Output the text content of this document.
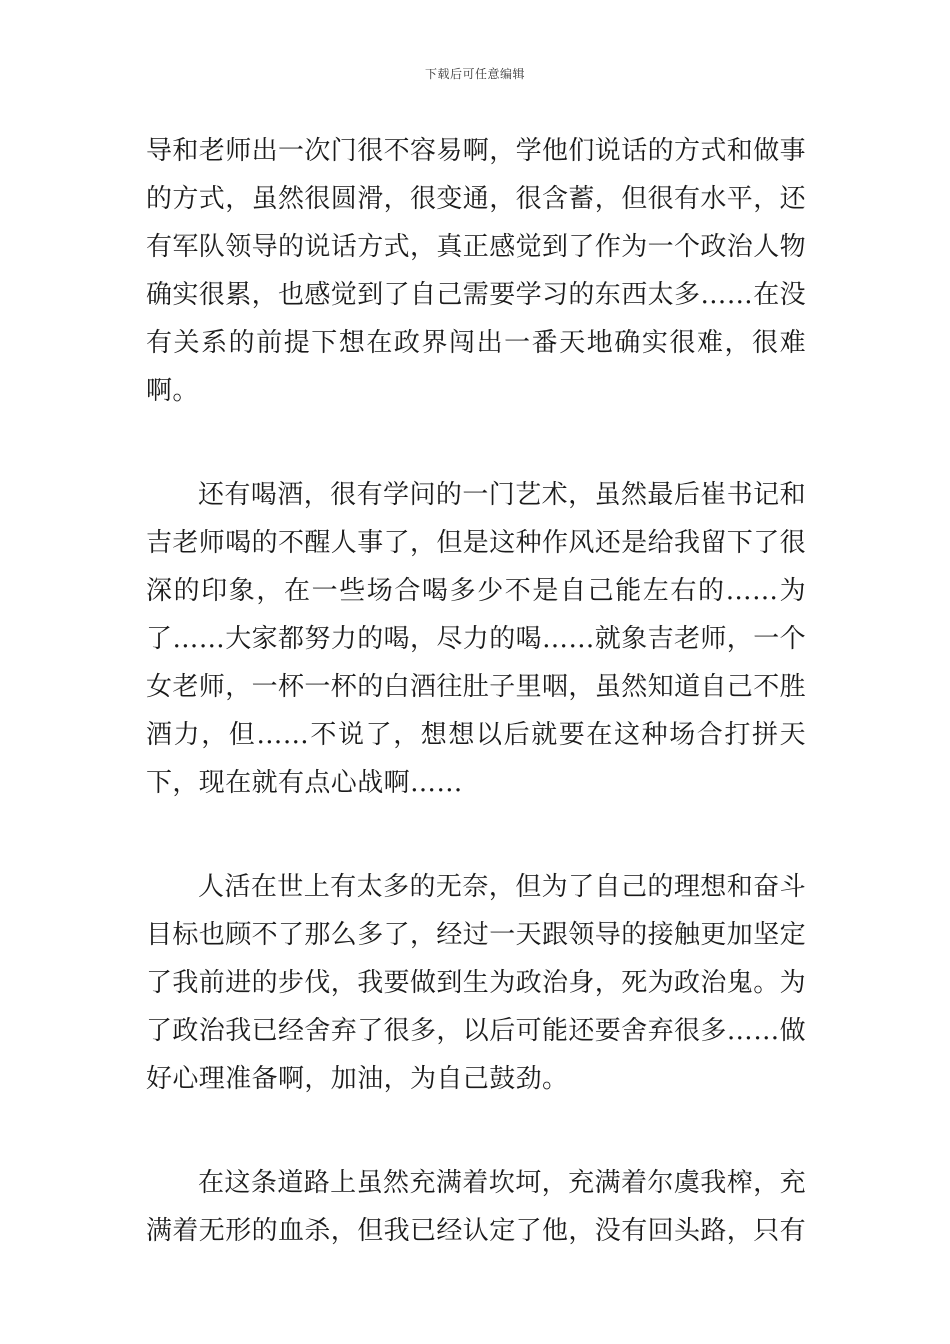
下载后可任意编辑

导和老师出一次门很不容易啊，学他们说话的方式和做事的方式，虽然很圆滑，很变通，很含蓄，但很有水平，还有军队领导的说话方式，真正感觉到了作为一个政治人物确实很累，也感觉到了自己需要学习的东西太多……在没有关系的前提下想在政界闯出一番天地确实很难，很难啊。

还有喝酒，很有学问的一门艺术，虽然最后崔书记和吉老师喝的不醒人事了，但是这种作风还是给我留下了很深的印象，在一些场合喝多少不是自己能左右的……为了……大家都努力的喝，尽力的喝……就象吉老师，一个女老师，一杯一杯的白酒往肚子里咽，虽然知道自己不胜酒力，但……不说了，想想以后就要在这种场合打拼天下，现在就有点心战啊……

人活在世上有太多的无奈，但为了自己的理想和奋斗目标也顾不了那么多了，经过一天跟领导的接触更加坚定了我前进的步伐，我要做到生为政治身，死为政治鬼。为了政治我已经舍弃了很多，以后可能还要舍弃很多……做好心理准备啊，加油，为自己鼓劲。

在这条道路上虽然充满着坎坷，充满着尔虞我榨，充满着无形的血杀，但我已经认定了他，没有回头路，只有
